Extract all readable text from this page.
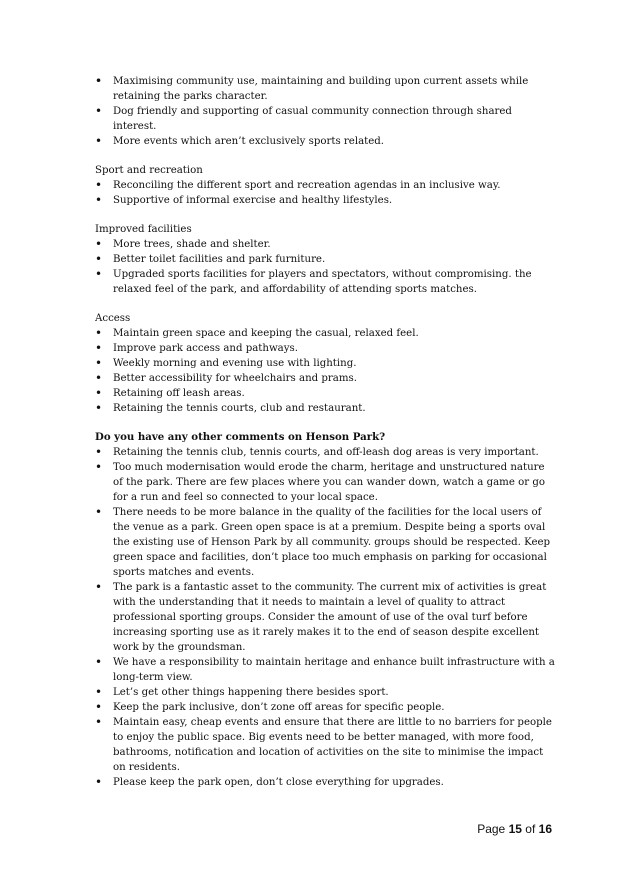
• Maximising community use, maintaining and building upon current assets while retaining the parks character.
• Dog friendly and supporting of casual community connection through shared interest.
• More events which aren’t exclusively sports related.

Sport and recreation

• Reconciling the different sport and recreation agendas in an inclusive way.
• Supportive of informal exercise and healthy lifestyles.

Improved facilities

• More trees, shade and shelter.
• Better toilet facilities and park furniture.
• Upgraded sports facilities for players and spectators, without compromising. the relaxed feel of the park, and affordability of attending sports matches.

Access

• Maintain green space and keeping the casual, relaxed feel.
• Improve park access and pathways.
• Weekly morning and evening use with lighting.
• Better accessibility for wheelchairs and prams.
• Retaining off leash areas.
• Retaining the tennis courts, club and restaurant.

Do you have any other comments on Henson Park?

• Retaining the tennis club, tennis courts, and off-leash dog areas is very important.
• Too much modernisation would erode the charm, heritage and unstructured nature of the park. There are few places where you can wander down, watch a game or go for a run and feel so connected to your local space.
• There needs to be more balance in the quality of the facilities for the local users of the venue as a park. Green open space is at a premium. Despite being a sports oval the existing use of Henson Park by all community. groups should be respected. Keep green space and facilities, don’t place too much emphasis on parking for occasional sports matches and events.
• The park is a fantastic asset to the community. The current mix of activities is great with the understanding that it needs to maintain a level of quality to attract professional sporting groups. Consider the amount of use of the oval turf before increasing sporting use as it rarely makes it to the end of season despite excellent work by the groundsman.
• We have a responsibility to maintain heritage and enhance built infrastructure with a long-term view.
• Let’s get other things happening there besides sport.
• Keep the park inclusive, don’t zone off areas for specific people.
• Maintain easy, cheap events and ensure that there are little to no barriers for people to enjoy the public space. Big events need to be better managed, with more food, bathrooms, notification and location of activities on the site to minimise the impact on residents.
• Please keep the park open, don’t close everything for upgrades.
Page 15 of 16
